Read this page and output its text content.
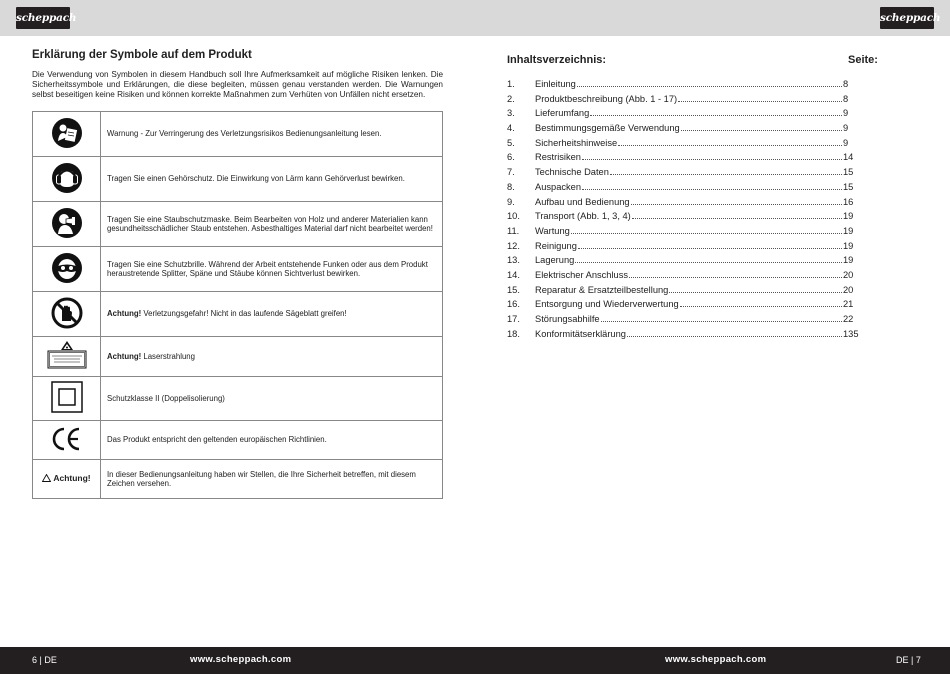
scheppach	scheppach
Erklärung der Symbole auf dem Produkt
Die Verwendung von Symbolen in diesem Handbuch soll Ihre Aufmerksamkeit auf mögliche Risiken lenken. Die Sicherheitssymbole und Erklärungen, die diese begleiten, müssen genau verstanden werden. Die Warnungen selbst beseitigen keine Risiken und können korrekte Maßnahmen zum Verhüten von Unfällen nicht ersetzen.
	Warnung - Zur Verringerung des Verletzungsrisikos Bedienungsanleitung lesen.

	Tragen Sie einen Gehörschutz. Die Einwirkung von Lärm kann Gehörverlust bewirken.

	Tragen Sie eine Staubschutzmaske. Beim Bearbeiten von Holz und anderer Materialien kann gesundheitsschädlicher Staub entstehen. Asbesthaltiges Material darf nicht bearbeitet werden!

	Tragen Sie eine Schutzbrille. Während der Arbeit entstehende Funken oder aus dem Produkt heraustretende Splitter, Späne und Stäube können Sichtverlust bewirken.

	Achtung! Verletzungsgefahr! Nicht in das laufende Sägeblatt greifen!

	Achtung! Laserstrahlung

	Schutzklasse II (Doppelisolierung)

	Das Produkt entspricht den geltenden europäischen Richtlinien.

Achtung!	In dieser Bedienungsanleitung haben wir Stellen, die Ihre Sicherheit betreffen, mit diesem Zeichen versehen.
Inhaltsverzeichnis:	Seite:
1.	Einleitung	8
2.	Produktbeschreibung (Abb. 1 - 17)	8
3.	Lieferumfang	9
4.	Bestimmungsgemäße Verwendung	9
5.	Sicherheitshinweise	9
6.	Restrisiken	14
7.	Technische Daten	15
8.	Auspacken	15
9.	Aufbau und Bedienung	16
10.	Transport (Abb. 1, 3, 4)	19
11.	Wartung	19
12.	Reinigung	19
13.	Lagerung	19
14.	Elektrischer Anschluss	20
15.	Reparatur & Ersatzteilbestellung	20
16.	Entsorgung und Wiederverwertung	21
17.	Störungsabhilfe	22
18.	Konformitätserklärung	135
6 | DE	www.scheppach.com	www.scheppach.com	DE | 7
